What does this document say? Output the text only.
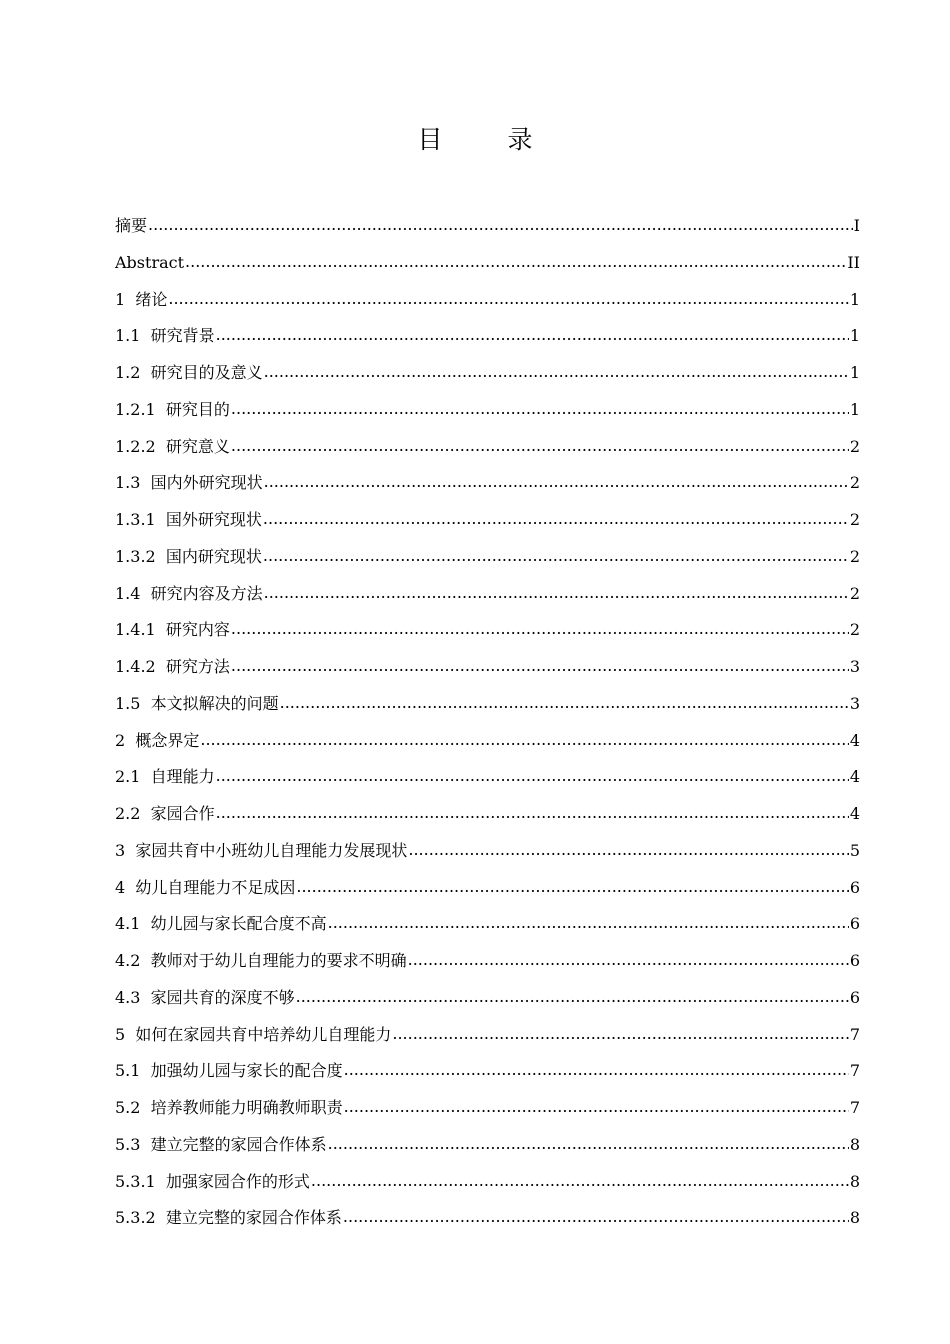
目　录
摘要 .....	I
Abstract .....	II
1  绪论 .....	1
1.1  研究背景 .....	1
1.2  研究目的及意义 .....	1
1.2.1  研究目的 .....	1
1.2.2  研究意义 .....	2
1.3  国内外研究现状 .....	2
1.3.1  国外研究现状 .....	2
1.3.2  国内研究现状 .....	2
1.4  研究内容及方法 .....	2
1.4.1  研究内容 .....	2
1.4.2  研究方法 .....	3
1.5  本文拟解决的问题 .....	3
2  概念界定 .....	4
2.1  自理能力 .....	4
2.2  家园合作 .....	4
3  家园共育中小班幼儿自理能力发展现状 .....	5
4  幼儿自理能力不足成因 .....	6
4.1  幼儿园与家长配合度不高 .....	6
4.2  教师对于幼儿自理能力的要求不明确 .....	6
4.3  家园共育的深度不够 .....	6
5  如何在家园共育中培养幼儿自理能力 .....	7
5.1  加强幼儿园与家长的配合度 .....	7
5.2  培养教师能力明确教师职责 .....	7
5.3  建立完整的家园合作体系 .....	8
5.3.1  加强家园合作的形式 .....	8
5.3.2  建立完整的家园合作体系 .....	8
